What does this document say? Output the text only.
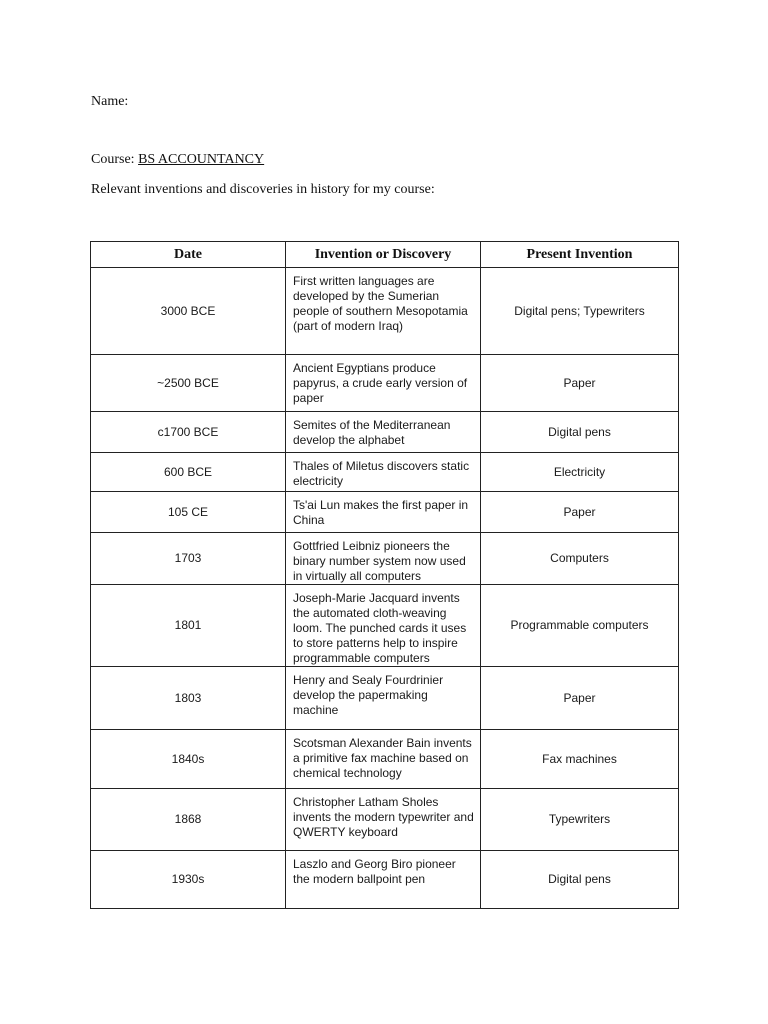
Name:
Course: BS ACCOUNTANCY
Relevant inventions and discoveries in history for my course:
Date	Invention or Discovery	Present Invention
3000 BCE	First written languages are developed by the Sumerian people of southern Mesopotamia (part of modern Iraq)	Digital pens; Typewriters
~2500 BCE	Ancient Egyptians produce papyrus, a crude early version of paper	Paper
c1700 BCE	Semites of the Mediterranean develop the alphabet	Digital pens
600 BCE	Thales of Miletus discovers static electricity	Electricity
105 CE	Ts'ai Lun makes the first paper in China	Paper
1703	Gottfried Leibniz pioneers the binary number system now used in virtually all computers	Computers
1801	Joseph-Marie Jacquard invents the automated cloth-weaving loom. The punched cards it uses to store patterns help to inspire programmable computers	Programmable computers
1803	Henry and Sealy Fourdrinier develop the papermaking machine	Paper
1840s	Scotsman Alexander Bain invents a primitive fax machine based on chemical technology	Fax machines
1868	Christopher Latham Sholes invents the modern typewriter and QWERTY keyboard	Typewriters
1930s	Laszlo and Georg Biro pioneer the modern ballpoint pen	Digital pens
